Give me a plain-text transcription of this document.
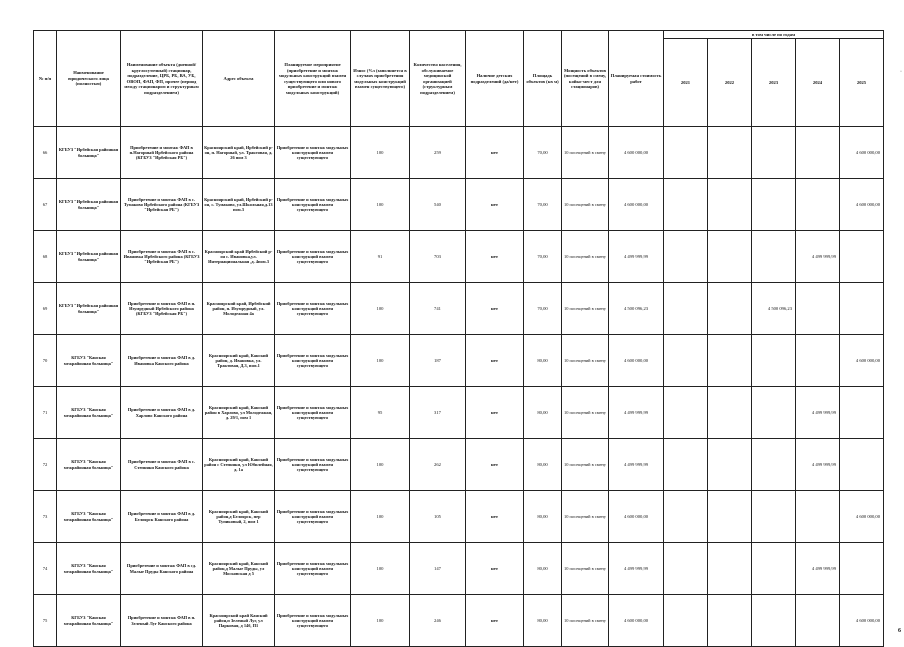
№ п/п	Наименование юридического лица (полностью)	Наименование объекта (дневной/круглосуточный) стационар, подразделение, ЦРБ, РБ, ВА, УБ, ОВОП, ФАП, ФП, прочее (период между стационаром и структурным подразделением)	Адрес объекта	Планируемое мероприятие (приобретение и монтаж модульных конструкций взамен существующего или нового приобретение и монтаж модульных конструкций)	Износ (%з (заполняется в случаях приобретения модульных конструкций взамен существующего)	Количество населения, обслуживаемое медицинской организацией (структурным подразделением)	Наличие детских подразделений (да/нет)	Площадь объектов (кв м)	Мощность объектов (посещений в смену, койко-мест для стационаров)	Планируемая стоимость работ	в том числе по годам				
											2021	2022	2023	2024	2025
66	КГБУЗ "Ирбейская районная больница"	Приобретение и монтаж ФАП в п.Нагорный Ирбейского района (КГБУЗ "Ирбейская РБ")	Красноярский край, Ирбейский р-он, п. Нагорный, ул. Трактовая, д. 26 пом 3	Приобретение и монтаж модульных конструкций взамен существующего	100	259	нет	70,00	10 посещений в смену	4 600 000,00					4 600 000,00
67	КГБУЗ "Ирбейская районная больница"	Приобретение и монтаж ФАП в с. Тумаково Ирбейского района (КГБУЗ "Ирбейская РБ")	Красноярский край, Ирбейский р-он, с. Тумаково, ул.Школьная,д.13 пом.3	Приобретение и монтаж модульных конструкций взамен существующего	100	540	нет	70,00	10 посещений в смену	4 600 000,00					4 600 000,00
68	КГБУЗ "Ирбейская районная больница"	Приобретение и монтаж ФАП в с. Ивановка Ирбейского района (КГБУЗ "Ирбейская РБ")	Красноярский край Ирбейский р-он с. Ивановка,ул. Интернациональная ,д. 4пом.3	Приобретение и монтаж модульных конструкций взамен существующего	91	703	нет	70,00	10 посещений в смену	4 499 999,99				4 499 999,99	
69	КГБУЗ "Ирбейская районная больница"	Приобретение и монтаж ФАП в п. Изумрудный Ирбейского района (КГБУЗ "Ирбейская РБ")	Красноярский край, Ирбейский район, п. Изумрудный, ул. Молодежная 4а	Приобретение и монтаж модульных конструкций взамен существующего	100	741	нет	70,00	10 посещений в смену	4 500 096,23			4 500 096,23		
70	КГБУЗ "Канская межрайонная больница"	Приобретение и монтаж ФАП в д. Ивановка Канского района	Красноярский край, Канский район, д. Ивановка, ул. Трактовая, Д.3, пом.1	Приобретение и монтаж модульных конструкций взамен существующего	100	187	нет	80,00	10 посещений в смену	4 600 000,00					4 600 000,00
71	КГБУЗ "Канская межрайонная больница"	Приобретение и монтаж ФАП в д. Харлово Канского района	Красноярский край, Канский район в Харлово, ул Молодежная, д. 29/1, пом 1	Приобретение и монтаж модульных конструкций взамен существующего	95	317	нет	80,00	10 посещений в смену	4 499 999,99				4 499 999,99	
72	КГБУЗ "Канская межрайонная больница"	Приобретение и монтаж ФАП в с. Степняки Канского района	Красноярский край, Канский район с Степняки, ул Юбилейная, д. 1а	Приобретение и монтаж модульных конструкций взамен существующего	100	262	нет	80,00	10 посещений в смену	4 499 999,99				4 499 999,99	
73	КГБУЗ "Канская межрайонная больница"	Приобретение и монтаж ФАП в д. Белоярск Канского района	Красноярский край, Канский район,д Белоярск, пер Тупиковый, 2, пом 1	Приобретение и монтаж модульных конструкций взамен существующего	100	105	нет	80,00	10 посещений в смену	4 600 000,00					4 600 000,00
74	КГБУЗ "Канская межрайонная больница"	Приобретение и монтаж ФАП в сд. Малые Пруды Канского района	Красноярский край, Канский район,д Малые Пруды, ул Московская д 5	Приобретение и монтаж модульных конструкций взамен существующего	100	147	нет	80,00	10 посещений в смену	4 499 999,99				4 499 999,99	
75	КГБУЗ "Канская межрайонная больница"	Приобретение и монтаж ФАП в п. Зеленый Луг Канского района	Красноярский край Канский район,п Зеленый Луг, ул Парковая, д 14б, П1	Приобретение и монтаж модульных конструкций взамен существующего	100	246	нет	80,00	10 посещений в смену	4 600 000,00					4 600 000,00
·
6
